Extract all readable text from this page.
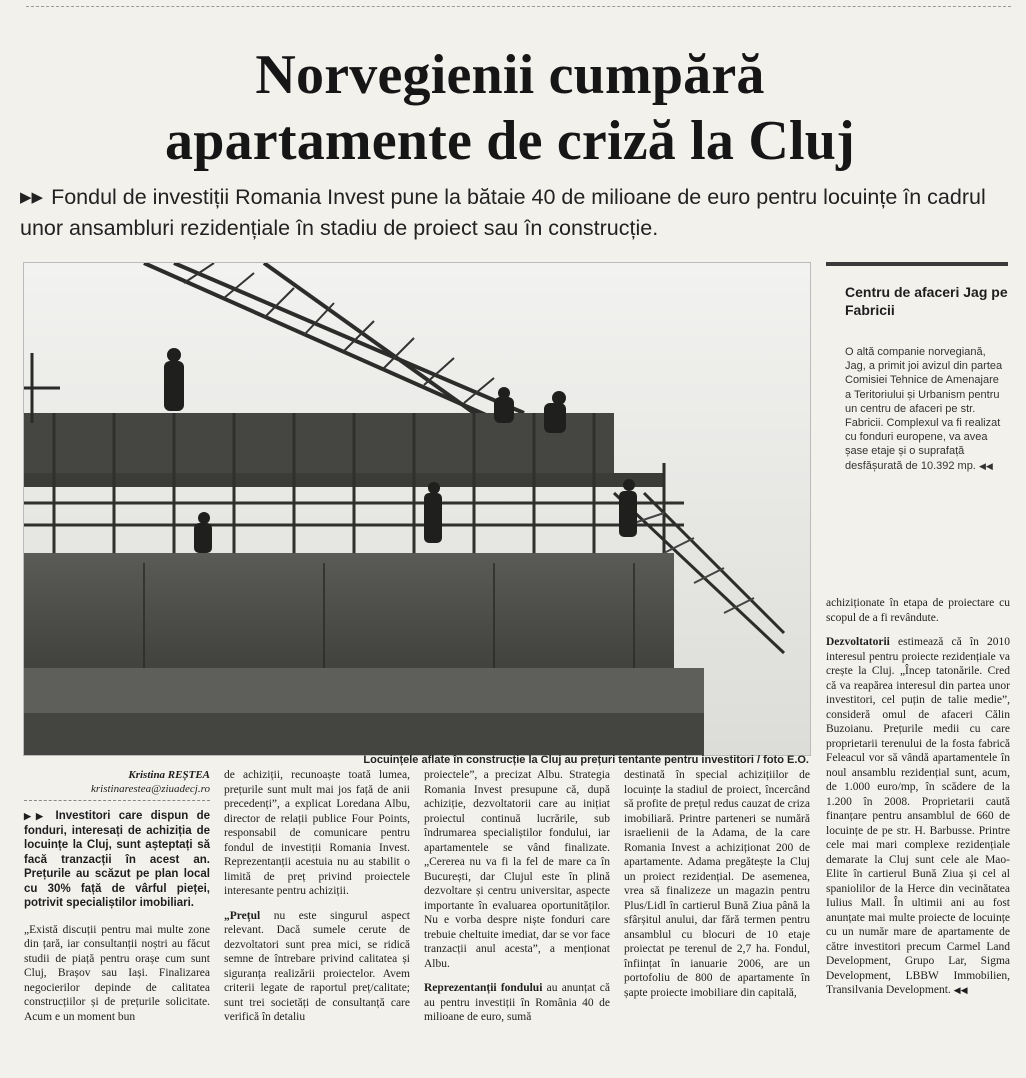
Norvegienii cumpără
apartamente de criză la Cluj
▶▶ Fondul de investiții Romania Invest pune la bătaie 40 de milioane de euro pentru locuințe în cadrul unor ansambluri rezidențiale în stadiu de proiect sau în construcție.
Locuințele aflate în construcție la Cluj au prețuri tentante pentru investitori / foto E.O.
Centru de afaceri Jag pe Fabricii
O altă companie norvegiană, Jag, a primit joi avizul din partea Comisiei Tehnice de Amenajare a Teritoriului și Urbanism pentru un centru de afaceri pe str. Fabricii. Complexul va fi realizat cu fonduri europene, va avea șase etaje și o suprafață desfășurată de 10.392 mp. ◀◀

Kristina REȘTEA

kristinarestea@ziuadecj.ro

▶▶ Investitori care dispun de fonduri, interesați de achiziția de locuințe la Cluj, sunt așteptați să facă tranzacții în acest an. Prețurile au scăzut pe plan local cu 30% față de vârful pieței, potrivit specialiștilor imobiliari.

„Există discuții pentru mai multe zone din țară, iar consultanții noștri au făcut studii de piață pentru orașe cum sunt Cluj, Brașov sau Iași. Finalizarea negocierilor depinde de calitatea construcțiilor și de prețurile solicitate. Acum e un moment bun

de achiziții, recunoaște toată lumea, prețurile sunt mult mai jos față de anii precedenți”, a explicat Loredana Albu, director de relații publice Four Points, responsabil de comunicare pentru fondul de investiții Romania Invest. Reprezentanții acestuia nu au stabilit o limită de preț privind proiectele interesante pentru achiziții.

„Prețul nu este singurul aspect relevant. Dacă sumele cerute de dezvoltatori sunt prea mici, se ridică semne de întrebare privind calitatea și siguranța realizării proiectelor. Avem criterii legate de raportul preț/calitate; sunt trei societăți de consultanță care verifică în detaliu

proiectele”, a precizat Albu. Strategia Romania Invest presupune că, după achiziție, dezvoltatorii care au inițiat proiectul continuă lucrările, sub îndrumarea specialiștilor fondului, iar apartamentele se vând finalizate. „Cererea nu va fi la fel de mare ca în București, dar Clujul este în plină dezvoltare și centru universitar, aspecte importante în evaluarea oportunităților. Nu e vorba despre niște fonduri care trebuie cheltuite imediat, dar se vor face tranzacții anul acesta”, a menționat Albu.

Reprezentanții fondului au anunțat că au pentru investiții în România 40 de milioane de euro, sumă

destinată în special achizițiilor de locuințe la stadiul de proiect, încercând să profite de prețul redus cauzat de criza imobiliară. Printre parteneri se numără israelienii de la Adama, de la care Romania Invest a achiziționat 200 de apartamente. Adama pregătește la Cluj un proiect rezidențial. De asemenea, vrea să finalizeze un magazin pentru Plus/Lidl în cartierul Bună Ziua până la sfârșitul anului, dar fără termen pentru ansamblul cu blocuri de 10 etaje proiectat pe terenul de 2,7 ha. Fondul, înființat în ianuarie 2006, are un portofoliu de 800 de apartamente în șapte proiecte imobiliare din capitală,

achiziționate în etapa de proiectare cu scopul de a fi revândute.

Dezvoltatorii estimează că în 2010 interesul pentru proiecte rezidențiale va crește la Cluj. „Încep tatonările. Cred că va reapărea interesul din partea unor investitori, cel puțin de talie medie”, consideră omul de afaceri Călin Buzoianu. Prețurile medii cu care proprietarii terenului de la fosta fabrică Feleacul vor să vândă apartamentele în noul ansamblu rezidențial sunt, acum, de 1.000 euro/mp, în scădere de la 1.200 în 2008. Proprietarii caută finanțare pentru ansamblul de 660 de locuințe de pe str. H. Barbusse. Printre cele mai mari complexe rezidențiale demarate la Cluj sunt cele ale Mao-Elite în cartierul Bună Ziua și cel al spaniolilor de la Herce din vecinătatea Iulius Mall. În ultimii ani au fost anunțate mai multe proiecte de locuințe cu un număr mare de apartamente de către investitori precum Carmel Land Development, Grupo Lar, Sigma Development, LBBW Immobilien, Transilvania Development. ◀◀
